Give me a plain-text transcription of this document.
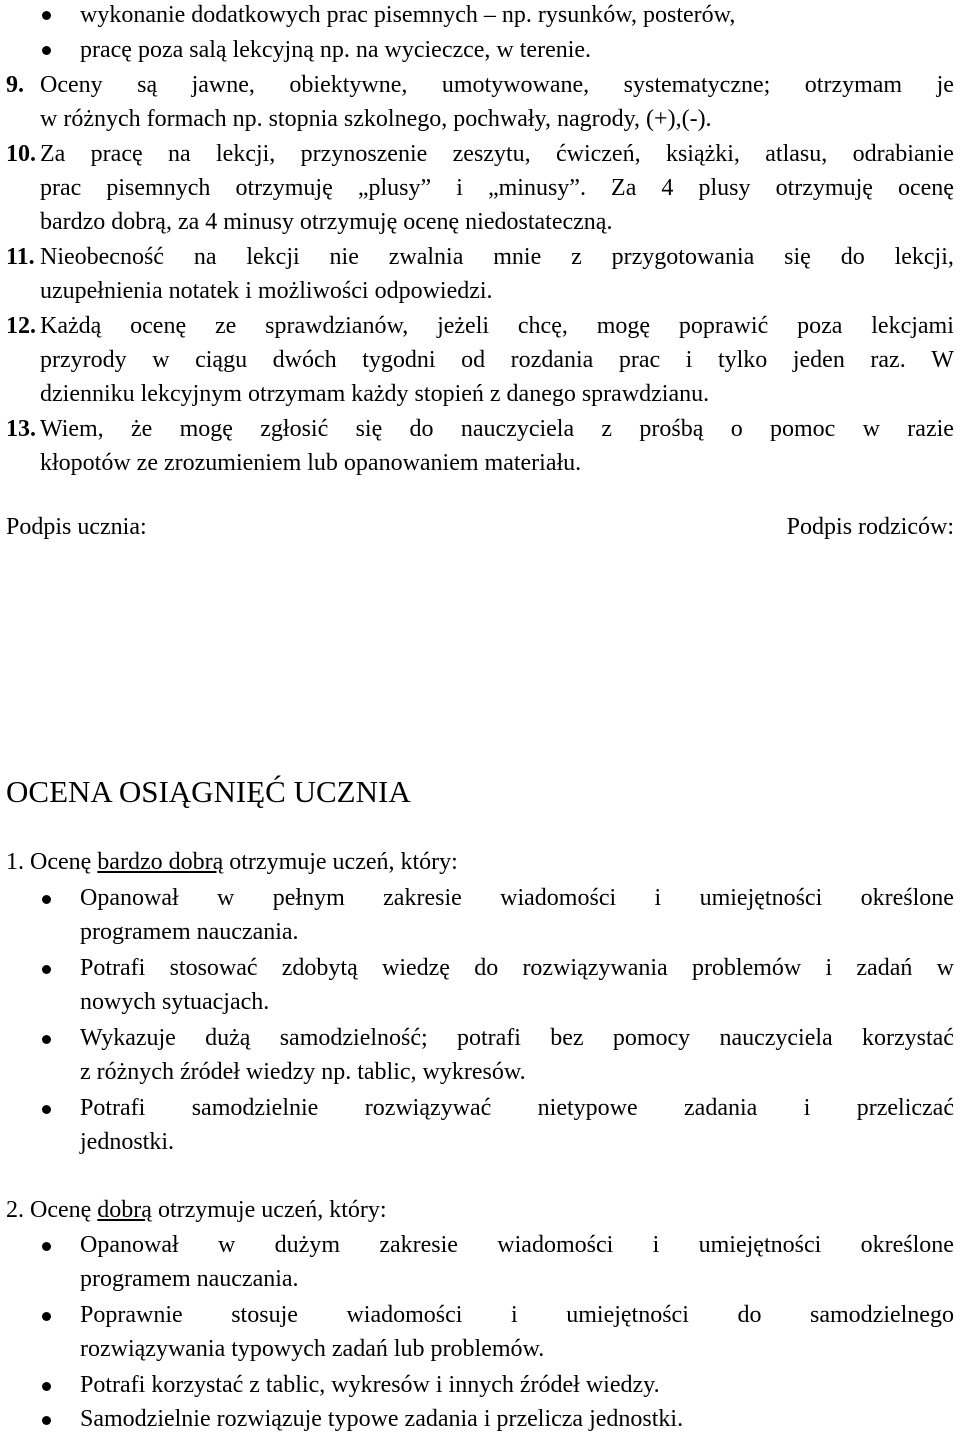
wykonanie dodatkowych prac pisemnych – np. rysunków, posterów,
pracę poza salą lekcyjną np. na wycieczce, w terenie.
9. Oceny są jawne, obiektywne, umotywowane, systematyczne; otrzymam je
w różnych formach np. stopnia szkolnego, pochwały, nagrody, (+),(-).
10. Za pracę na lekcji, przynoszenie zeszytu, ćwiczeń, książki, atlasu, odrabianie
prac pisemnych otrzymuję „plusy” i „minusy”. Za 4 plusy otrzymuję ocenę
bardzo dobrą, za 4 minusy otrzymuję ocenę niedostateczną.
11. Nieobecność na lekcji nie zwalnia mnie z przygotowania się do lekcji,
uzupełnienia notatek i możliwości odpowiedzi.
12. Każdą ocenę ze sprawdzianów, jeżeli chcę, mogę poprawić poza lekcjami
przyrody w ciągu dwóch tygodni od rozdania prac i tylko jeden raz. W
dzienniku lekcyjnym otrzymam każdy stopień z danego sprawdzianu.
13. Wiem, że mogę zgłosić się do nauczyciela z prośbą o pomoc w razie
kłopotów ze zrozumieniem lub opanowaniem materiału.
Podpis ucznia:	Podpis rodziców:
OCENA OSIĄGNIĘĆ UCZNIA
1. Ocenę bardzo dobrą otrzymuje uczeń, który:
Opanował w pełnym zakresie wiadomości i umiejętności określone
programem nauczania.
Potrafi stosować zdobytą wiedzę do rozwiązywania problemów i zadań w
nowych sytuacjach.
Wykazuje dużą samodzielność; potrafi bez pomocy nauczyciela korzystać
z różnych źródeł wiedzy np. tablic, wykresów.
Potrafi samodzielnie rozwiązywać nietypowe zadania i przeliczać
jednostki.
2. Ocenę dobrą otrzymuje uczeń, który:
Opanował w dużym zakresie wiadomości i umiejętności określone
programem nauczania.
Poprawnie stosuje wiadomości i umiejętności do samodzielnego
rozwiązywania typowych zadań lub problemów.
Potrafi korzystać z tablic, wykresów i innych źródeł wiedzy.
Samodzielnie rozwiązuje typowe zadania i przelicza jednostki.
